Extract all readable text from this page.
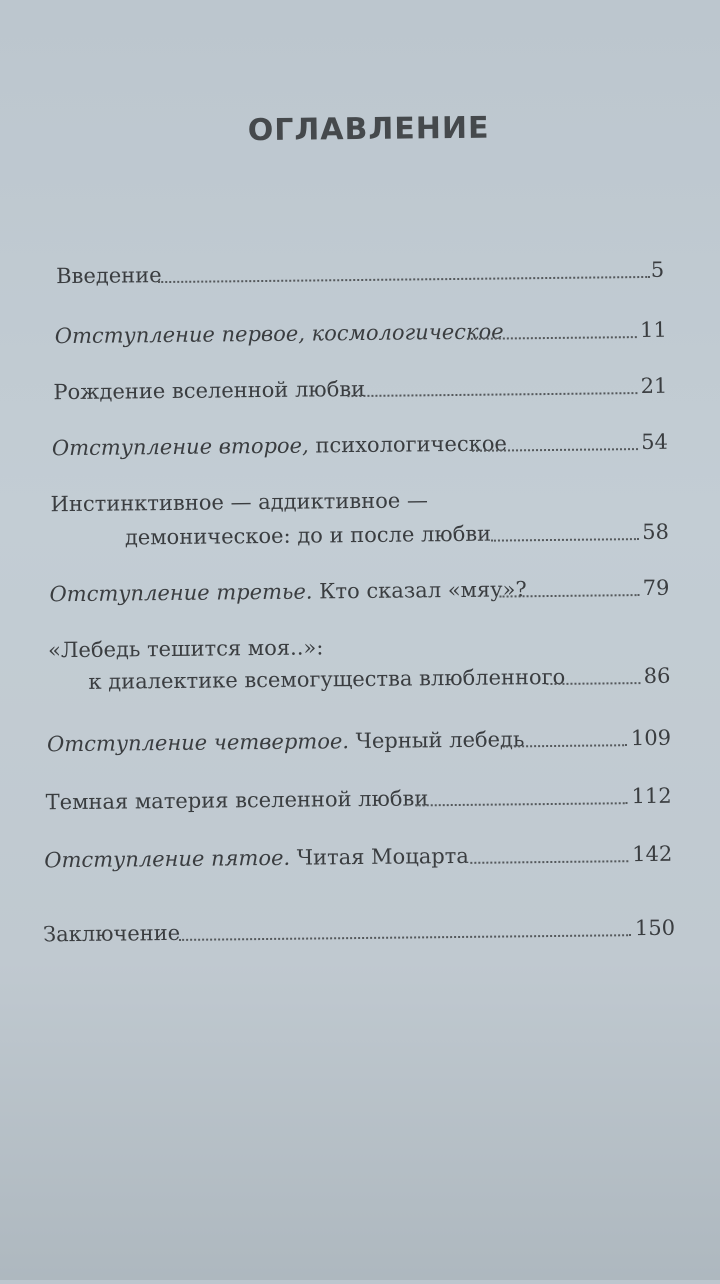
ОГЛАВЛЕНИЕ
Введение	5
Отступление первое, космологическое	11
Рождение вселенной любви	21
Отступление второе, психологическое	54
Инстинктивное — аддиктивное —
демоническое: до и после любви	58
Отступление третье. Кто сказал «мяу»?	79
«Лебедь тешится моя..»:
к диалектике всемогущества влюбленного	86
Отступление четвертое. Черный лебедь	109
Темная материя вселенной любви	112
Отступление пятое. Читая Моцарта	142
Заключение	150
